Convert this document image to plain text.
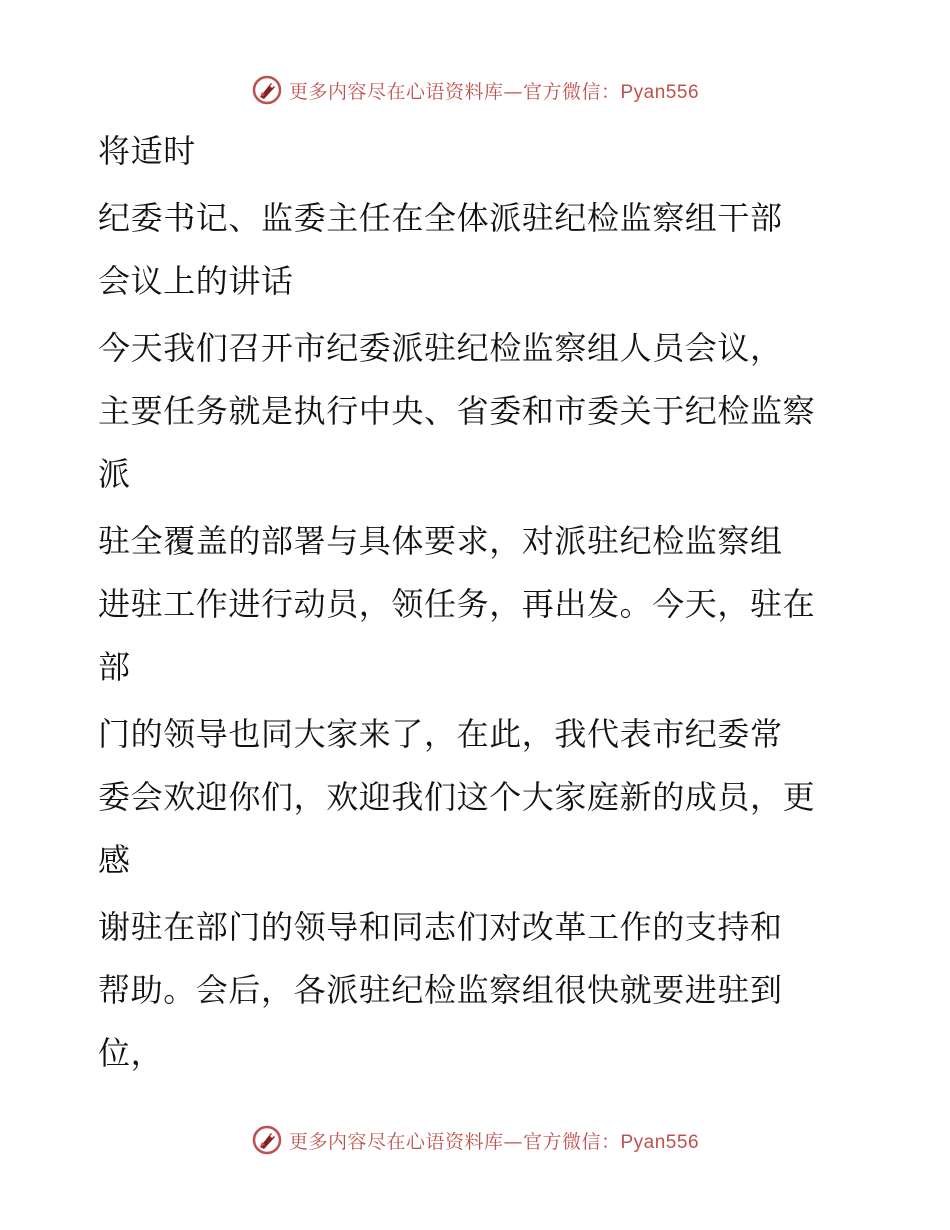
更多内容尽在心语资料库—官方微信：Pyan556

将适时

纪委书记、监委主任在全体派驻纪检监察组干部
会议上的讲话

今天我们召开市纪委派驻纪检监察组人员会议，
主要任务就是执行中央、省委和市委关于纪检监察
派

驻全覆盖的部署与具体要求，对派驻纪检监察组
进驻工作进行动员，领任务，再出发。今天，驻在
部

门的领导也同大家来了，在此，我代表市纪委常
委会欢迎你们，欢迎我们这个大家庭新的成员，更
感

谢驻在部门的领导和同志们对改革工作的支持和
帮助。会后，各派驻纪检监察组很快就要进驻到
位，

更多内容尽在心语资料库—官方微信：Pyan556
